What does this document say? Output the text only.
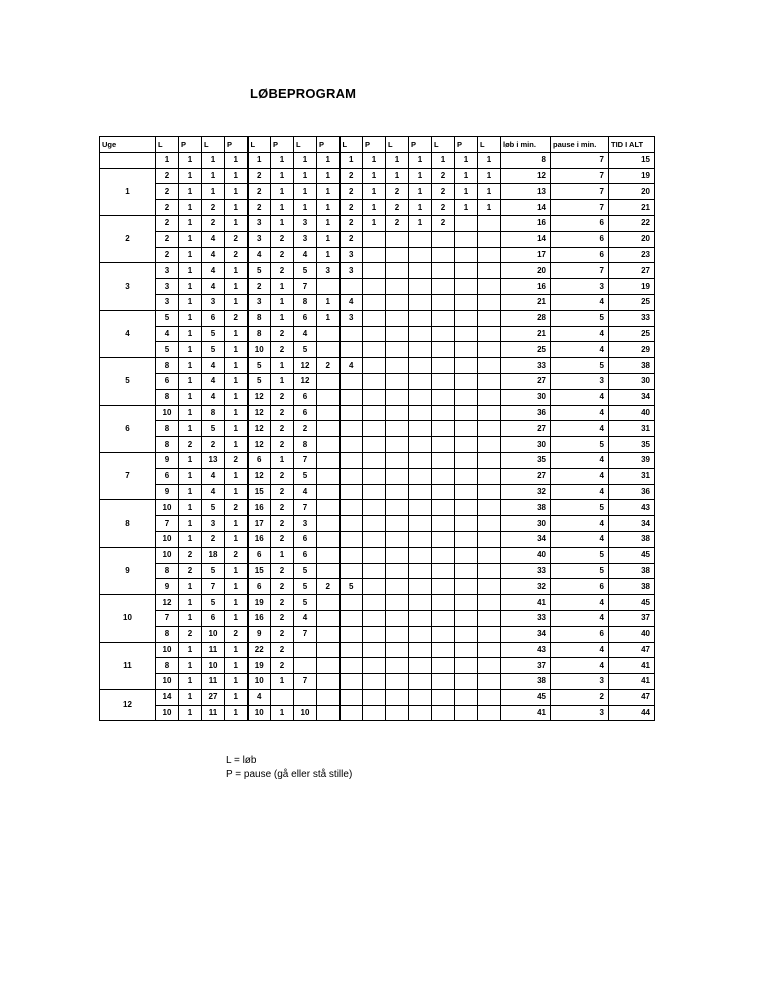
LØBEPROGRAM
Uge	L	P	L	P	L	P	L	P	L	P	L	P	L	P	L	løb i min.	pause i min.	TID I ALT
	1	1	1	1	1	1	1	1	1	1	1	1	1	1	1	8	7	15
1	2	1	1	1	2	1	1	1	2	1	1	1	2	1	1	12	7	19
	2	1	1	1	2	1	1	1	2	1	2	1	2	1	1	13	7	20
	2	1	2	1	2	1	1	1	2	1	2	1	2	1	1	14	7	21
2	2	1	2	1	3	1	3	1	2	1	2	1	2			16	6	22
	2	1	4	2	3	2	3	1	2							14	6	20
	2	1	4	2	4	2	4	1	3							17	6	23
3	3	1	4	1	5	2	5	3	3							20	7	27
	3	1	4	1	2	1	7									16	3	19
	3	1	3	1	3	1	8	1	4							21	4	25
4	5	1	6	2	8	1	6	1	3							28	5	33
	4	1	5	1	8	2	4									21	4	25
	5	1	5	1	10	2	5									25	4	29
5	8	1	4	1	5	1	12	2	4							33	5	38
	6	1	4	1	5	1	12									27	3	30
	8	1	4	1	12	2	6									30	4	34
6	10	1	8	1	12	2	6									36	4	40
	8	1	5	1	12	2	2									27	4	31
	8	2	2	1	12	2	8									30	5	35
7	9	1	13	2	6	1	7									35	4	39
	6	1	4	1	12	2	5									27	4	31
	9	1	4	1	15	2	4									32	4	36
8	10	1	5	2	16	2	7									38	5	43
	7	1	3	1	17	2	3									30	4	34
	10	1	2	1	16	2	6									34	4	38
9	10	2	18	2	6	1	6									40	5	45
	8	2	5	1	15	2	5									33	5	38
	9	1	7	1	6	2	5	2	5							32	6	38
10	12	1	5	1	19	2	5									41	4	45
	7	1	6	1	16	2	4									33	4	37
	8	2	10	2	9	2	7									34	6	40
11	10	1	11	1	22	2										43	4	47
	8	1	10	1	19	2										37	4	41
	10	1	11	1	10	1	7									38	3	41
12	14	1	27	1	4											45	2	47
	10	1	11	1	10	1	10									41	3	44
L = løb
P = pause (gå eller stå stille)
